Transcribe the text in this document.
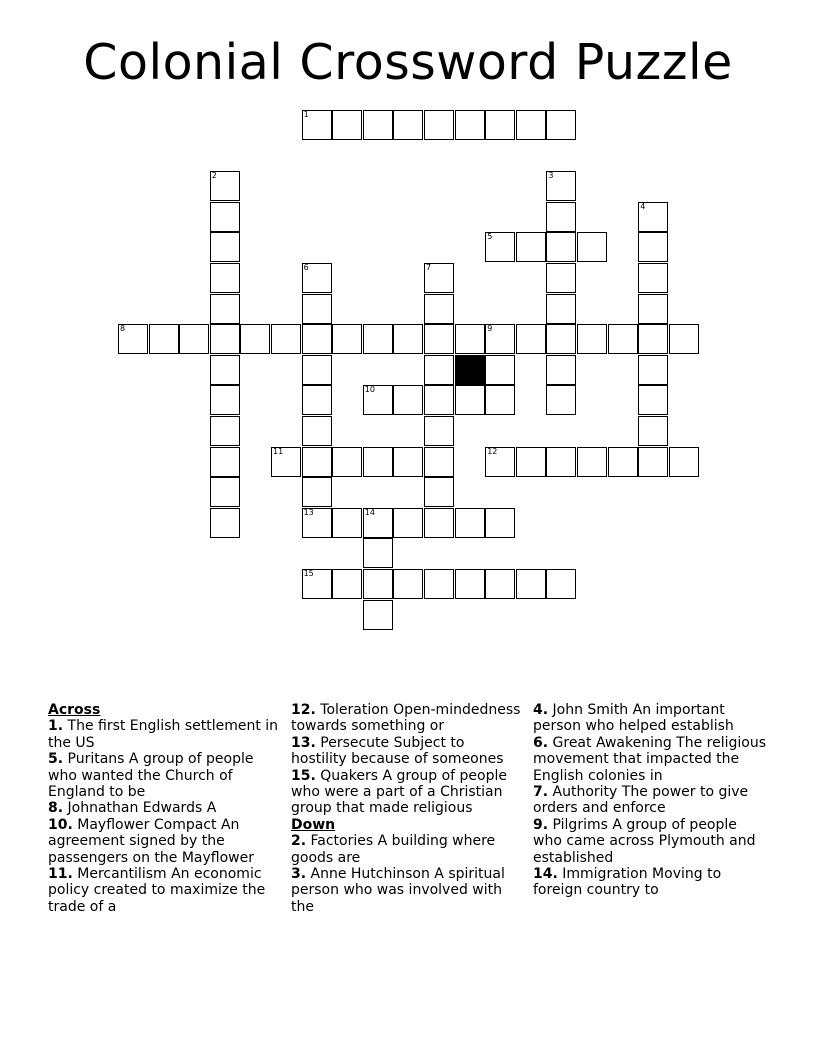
Colonial Crossword Puzzle
1
2	3
4
5
6
13
7
8	9
10
11	12
14
15
Across
1. The first English settlement in the US
5. Puritans A group of people who wanted the Church of England to be
8. Johnathan Edwards A
10. Mayflower Compact An agreement signed by the passengers on the Mayflower
11. Mercantilism An economic policy created to maximize the trade of a
12. Toleration Open-mindedness towards something or
13. Persecute Subject to hostility because of someones
15. Quakers A group of people who were a part of a Christian group that made religious
Down
2. Factories A building where goods are
3. Anne Hutchinson A spiritual person who was involved with the
4. John Smith An important person who helped establish
6. Great Awakening The religious movement that impacted the English colonies in
7. Authority The power to give orders and enforce
9. Pilgrims A group of people who came across Plymouth and established
14. Immigration Moving to foreign country to
